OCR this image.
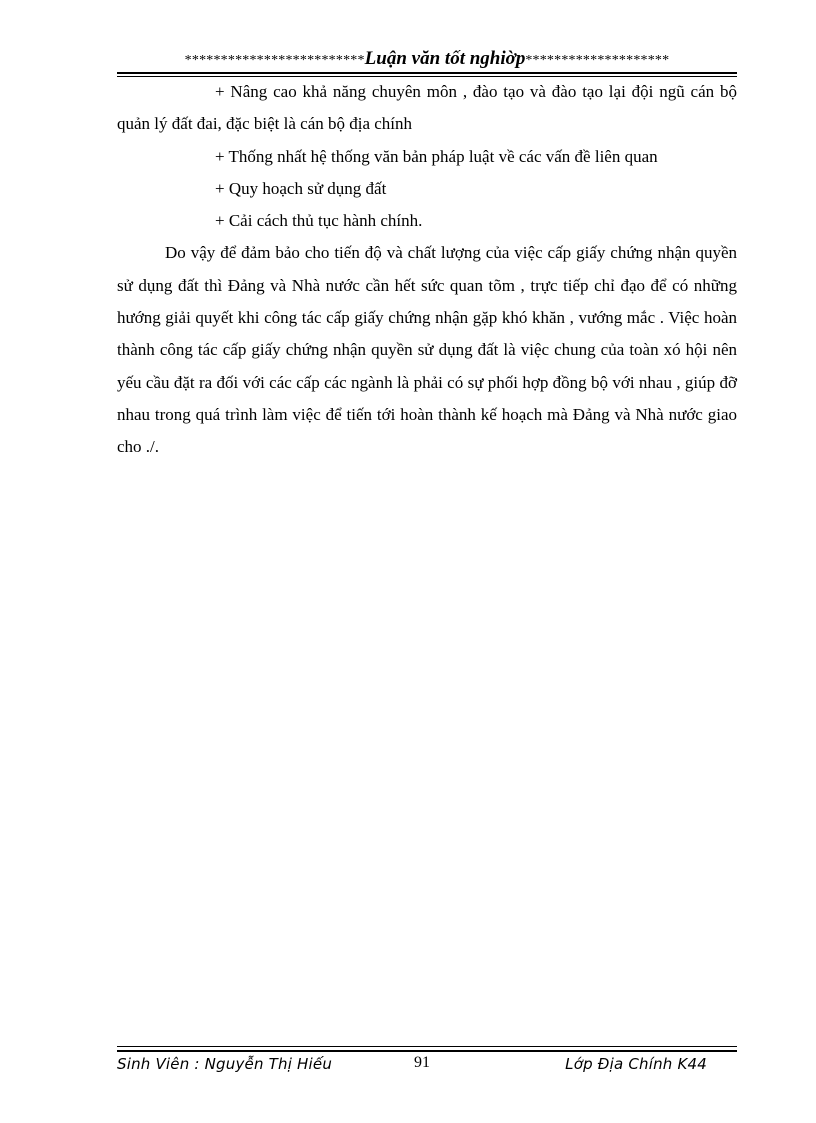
*************************Luận văn tốt nghiờp********************

+ Nâng cao khả năng chuyên môn , đào tạo và đào tạo lại đội ngũ cán bộ quản lý đất đai, đặc biệt là cán bộ địa chính

+ Thống nhất hệ thống văn bản pháp luật về các vấn đề liên quan

+ Quy hoạch sử dụng đất

+ Cải cách thủ tục hành chính.

Do vậy để đảm bảo cho tiến độ và chất lượng của việc cấp giấy chứng nhận quyền sử dụng đất thì Đảng và Nhà nước cần hết sức quan tõm , trực tiếp chỉ đạo để có những hướng giải quyết khi công tác cấp giấy chứng nhận gặp khó khăn , vướng mắc . Việc hoàn thành công tác cấp giấy chứng nhận quyền sử dụng đất là việc chung của toàn xó hội nên yếu cầu đặt ra đối với các cấp các ngành là phải có sự phối hợp đồng bộ với nhau , giúp đỡ nhau trong quá trình làm việc để tiến tới hoàn thành kế hoạch mà Đảng và Nhà nước giao cho ./.

Sinh Viên : Nguyễn Thị Hiếu	91	Lớp Địa Chính K44
